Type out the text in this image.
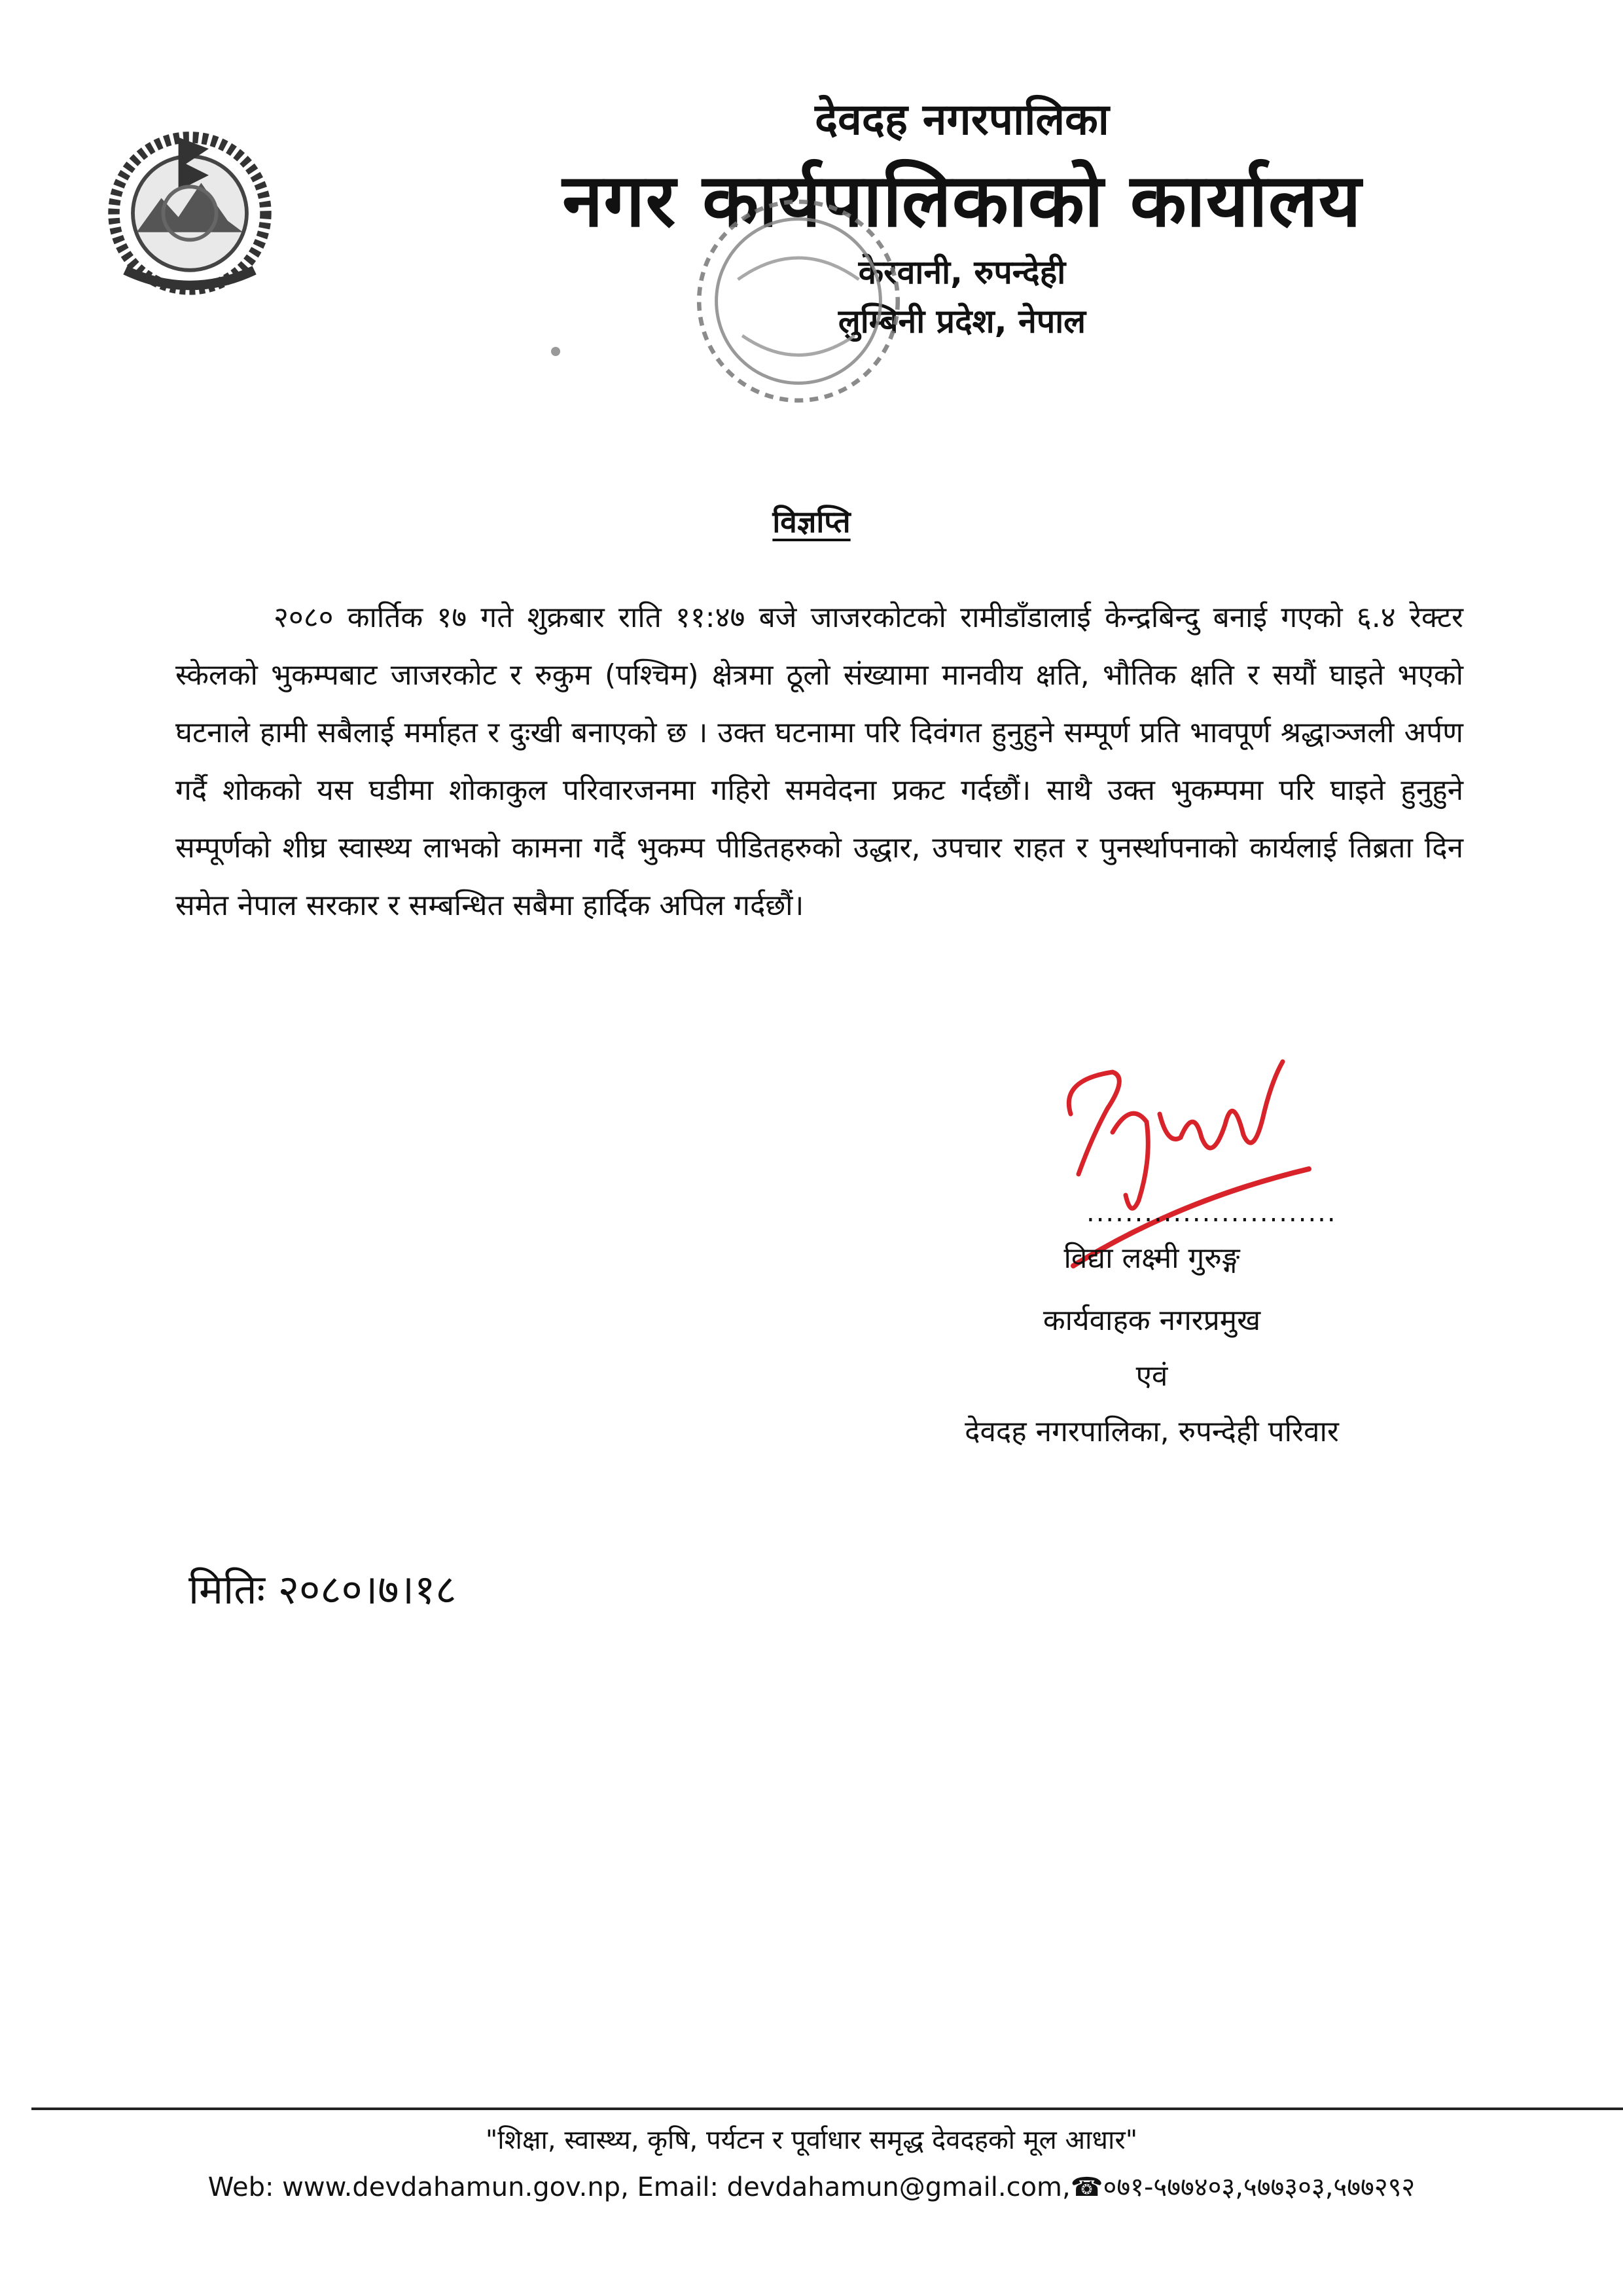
देवदह नगरपालिका
नगर कार्यपालिकाको कार्यालय
केरवानी, रुपन्देही
लुम्बिनी प्रदेश, नेपाल
विज्ञप्ति
२०८० कार्तिक १७ गते शुक्रबार राति ११:४७ बजे जाजरकोटको रामीडाँडालाई केन्द्रबिन्दु बनाई गएको ६.४ रेक्टर स्केलको भुकम्पबाट जाजरकोट र रुकुम (पश्चिम) क्षेत्रमा ठूलो संख्यामा मानवीय क्षति, भौतिक क्षति र सयौं घाइते भएको घटनाले हामी सबैलाई मर्माहत र दुःखी बनाएको छ । उक्त घटनामा परि दिवंगत हुनुहुने सम्पूर्ण प्रति भावपूर्ण श्रद्धाञ्जली अर्पण गर्दै शोकको यस घडीमा शोकाकुल परिवारजनमा गहिरो समवेदना प्रकट गर्दछौं। साथै उक्त भुकम्पमा परि घाइते हुनुहुने सम्पूर्णको शीघ्र स्वास्थ्य लाभको कामना गर्दै भुकम्प पीडितहरुको उद्धार, उपचार राहत र पुनर्स्थापनाको कार्यलाई तिब्रता दिन समेत नेपाल सरकार र सम्बन्धित सबैमा हार्दिक अपिल गर्दछौं।
..........................
विद्या लक्ष्मी गुरुङ्ग
कार्यवाहक नगरप्रमुख
एवं
देवदह नगरपालिका, रुपन्देही परिवार
मितिः २०८०।७।१८
"शिक्षा, स्वास्थ्य, कृषि, पर्यटन र पूर्वाधार समृद्ध देवदहको मूल आधार"
Web: www.devdahamun.gov.np, Email: devdahamun@gmail.com,☎०७१-५७७४०३,५७७३०३,५७७२९२
